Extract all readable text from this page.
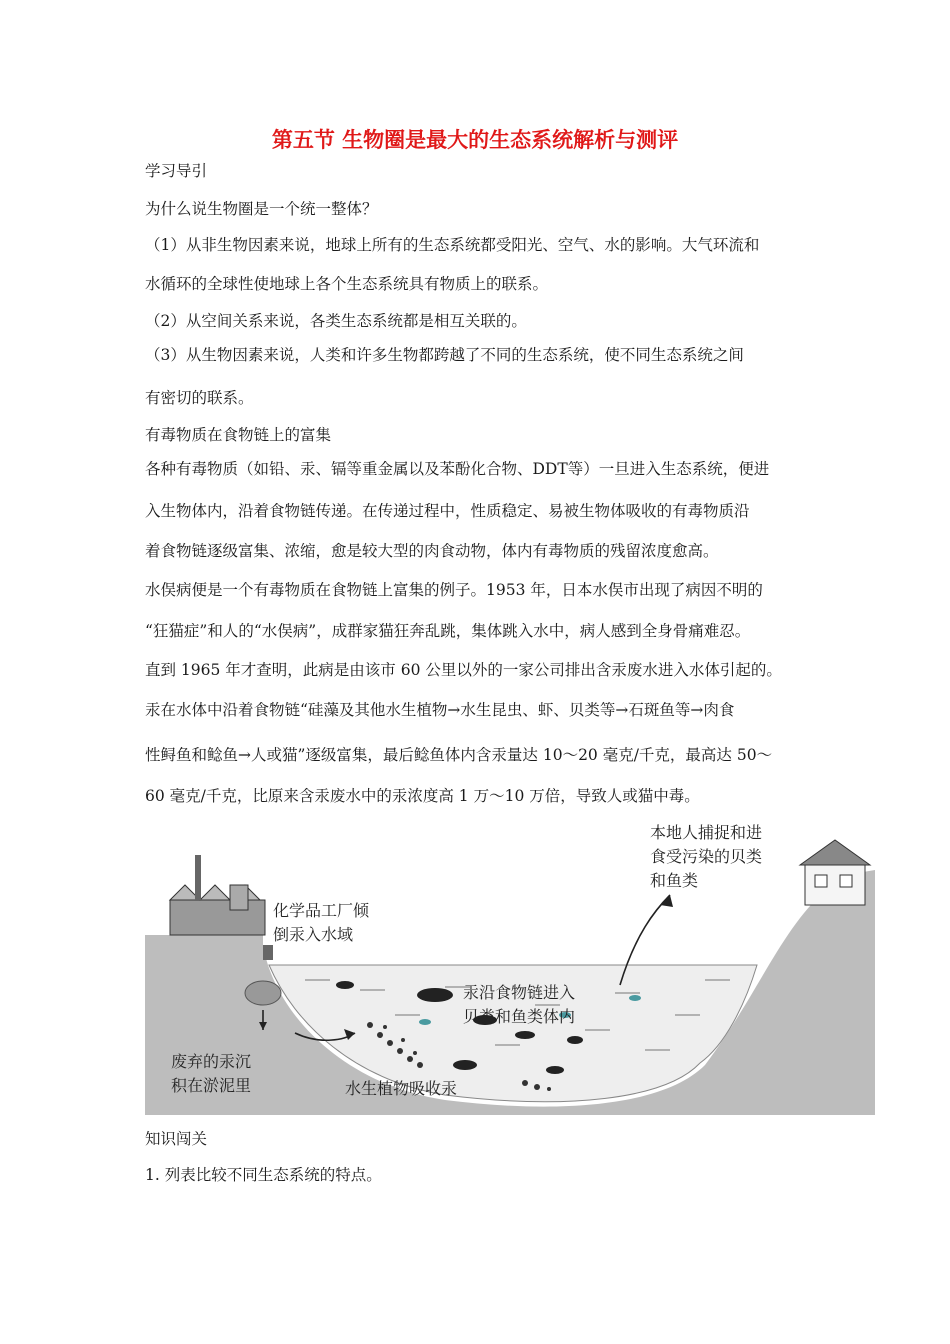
第五节 生物圈是最大的生态系统解析与测评
学习导引
为什么说生物圈是一个统一整体？
（1）从非生物因素来说，地球上所有的生态系统都受阳光、空气、水的影响。大气环流和
水循环的全球性使地球上各个生态系统具有物质上的联系。
（2）从空间关系来说，各类生态系统都是相互关联的。
（3）从生物因素来说，人类和许多生物都跨越了不同的生态系统，使不同生态系统之间
有密切的联系。
有毒物质在食物链上的富集
各种有毒物质（如铅、汞、镉等重金属以及苯酚化合物、DDT等）一旦进入生态系统，便进
入生物体内，沿着食物链传递。在传递过程中，性质稳定、易被生物体吸收的有毒物质沿
着食物链逐级富集、浓缩，愈是较大型的肉食动物，体内有毒物质的残留浓度愈高。
水俣病便是一个有毒物质在食物链上富集的例子。1953 年，日本水俣市出现了病因不明的
“狂猫症”和人的“水俣病”，成群家猫狂奔乱跳，集体跳入水中，病人感到全身骨痛难忍。
直到 1965 年才查明，此病是由该市 60 公里以外的一家公司排出含汞废水进入水体引起的。
汞在水体中沿着食物链“硅藻及其他水生植物→水生昆虫、虾、贝类等→石斑鱼等→肉食
性鲟鱼和鲶鱼→人或猫”逐级富集，最后鲶鱼体内含汞量达 10～20 毫克/千克，最高达 50～
60 毫克/千克，比原来含汞废水中的汞浓度高 1 万～10 万倍，导致人或猫中毒。
化学品工厂倾
倒汞入水域
本地人捕捉和进
食受污染的贝类
和鱼类
汞沿食物链进入
贝类和鱼类体内
废弃的汞沉
积在淤泥里	水生植物吸收汞
知识闯关
1. 列表比较不同生态系统的特点。
